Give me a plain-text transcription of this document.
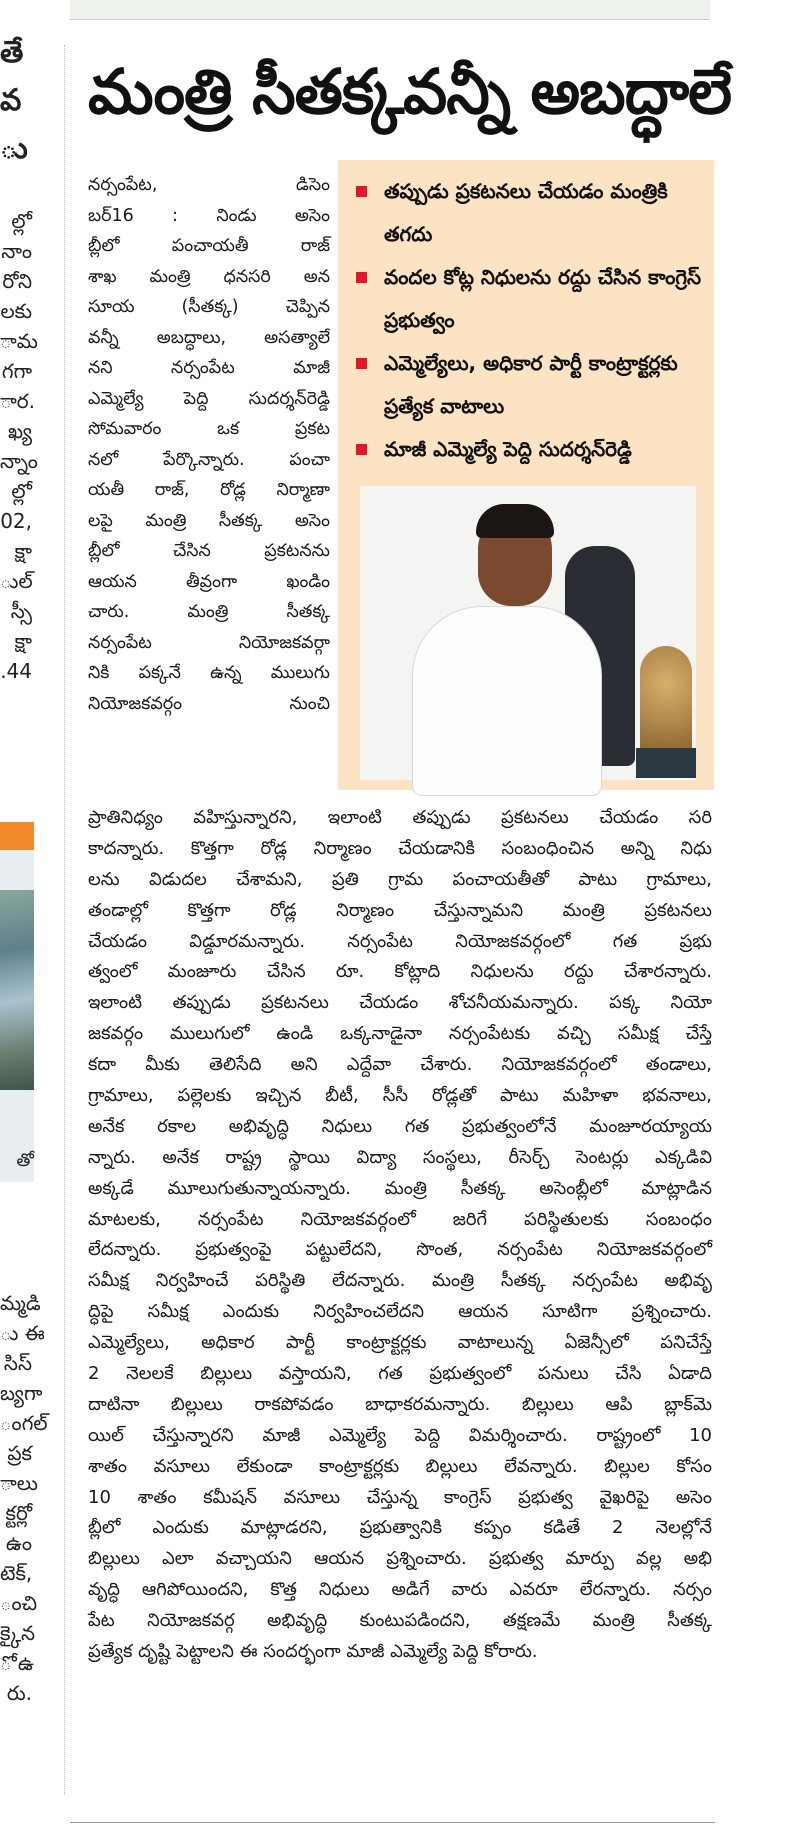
తే
వ
ు
ల్లో
నాం
రోని
లకు
ామ
గగా
ార.
ఖ్య
న్నాం
ల్లో
02,
క్షా
ుల్
స్సీ
క్షా
.44
మ్మడి
ు ఈ
సిస్
బ్యగా
ంగల్
ప్రక
ాలు
క్టర్లో
ఉం
టెక్,
ంచి
క్కైన
ో ఉ
రు.
తో
మంత్రి సీతక్కవన్నీ అబద్ధాలే
నర్సంపేట, డిసెం
బర్16 : నిండు అసెం
బ్లీలో పంచాయతీ రాజ్
శాఖ మంత్రి ధనసరి అన
సూయ (సీతక్క) చెప్పిన
వన్నీ అబద్ధాలు, అసత్యాలే
నని నర్సంపేట మాజీ
ఎమ్మెల్యే పెద్ది సుదర్శన్‌రెడ్డి
సోమవారం ఒక ప్రకట
నలో పేర్కొన్నారు. పంచా
యతీ రాజ్, రోడ్ల నిర్మాణా
లపై మంత్రి సీతక్క అసెం
బ్లీలో చేసిన ప్రకటనను
ఆయన తీవ్రంగా ఖండిం
చారు. మంత్రి సీతక్క
నర్సంపేట నియోజకవర్గా
నికి పక్కనే ఉన్న ములుగు
నియోజకవర్గం నుంచి
తప్పుడు ప్రకటనలు చేయడం మంత్రికి తగదు
వందల కోట్ల నిధులను రద్దు చేసిన కాంగ్రెస్ ప్రభుత్వం
ఎమ్మెల్యేలు, అధికార పార్టీ కాంట్రాక్టర్లకు ప్రత్యేక వాటాలు
మాజీ ఎమ్మెల్యే పెద్ది సుదర్శన్‌రెడ్డి
ప్రాతినిధ్యం వహిస్తున్నారని, ఇలాంటి తప్పుడు ప్రకటనలు చేయడం సరి
కాదన్నారు. కొత్తగా రోడ్ల నిర్మాణం చేయడానికి సంబంధించిన అన్ని నిధు
లను విడుదల చేశామని, ప్రతి గ్రామ పంచాయతీతో పాటు గ్రామాలు,
తండాల్లో కొత్తగా రోడ్ల నిర్మాణం చేస్తున్నామని మంత్రి ప్రకటనలు
చేయడం విడ్డూరమన్నారు. నర్సంపేట నియోజకవర్గంలో గత ప్రభు
త్వంలో మంజూరు చేసిన రూ. కోట్లాది నిధులను రద్దు చేశారన్నారు.
ఇలాంటి తప్పుడు ప్రకటనలు చేయడం శోచనీయమన్నారు. పక్క నియో
జకవర్గం ములుగులో ఉండి ఒక్కనాడైనా నర్సంపేటకు వచ్చి సమీక్ష చేస్తే
కదా మీకు తెలిసేది అని ఎద్దేవా చేశారు. నియోజకవర్గంలో తండాలు,
గ్రామాలు, పల్లెలకు ఇచ్చిన బీటీ, సీసీ రోడ్లతో పాటు మహిళా భవనాలు,
అనేక రకాల అభివృద్ధి నిధులు గత ప్రభుత్వంలోనే మంజూరయ్యాయ
న్నారు. అనేక రాష్ట్ర స్థాయి విద్యా సంస్థలు, రీసెర్చ్ సెంటర్లు ఎక్కడివి
అక్కడే మూలుగుతున్నాయన్నారు. మంత్రి సీతక్క అసెంబ్లీలో మాట్లాడిన
మాటలకు, నర్సంపేట నియోజకవర్గంలో జరిగే పరిస్థితులకు సంబంధం
లేదన్నారు. ప్రభుత్వంపై పట్టులేదని, సొంత, నర్సంపేట నియోజకవర్గంలో
సమీక్ష నిర్వహించే పరిస్థితి లేదన్నారు. మంత్రి సీతక్క నర్సంపేట అభివృ
ద్ధిపై సమీక్ష ఎందుకు నిర్వహించలేదని ఆయన సూటిగా ప్రశ్నించారు.
ఎమ్మెల్యేలు, అధికార పార్టీ కాంట్రాక్టర్లకు వాటాలున్న ఏజెన్సీలో పనిచేస్తే
2 నెలలకే బిల్లులు వస్తాయని, గత ప్రభుత్వంలో పనులు చేసి ఏడాది
దాటినా బిల్లులు రాకపోవడం బాధాకరమన్నారు. బిల్లులు ఆపి బ్లాక్‌మె
యిల్ చేస్తున్నారని మాజీ ఎమ్మెల్యే పెద్ది విమర్శించారు. రాష్ట్రంలో 10
శాతం వసూలు లేకుండా కాంట్రాక్టర్లకు బిల్లులు లేవన్నారు. బిల్లుల కోసం
10 శాతం కమీషన్ వసూలు చేస్తున్న కాంగ్రెస్ ప్రభుత్వ వైఖరిపై అసెం
బ్లీలో ఎందుకు మాట్లాడరని, ప్రభుత్వానికి కప్పం కడితే 2 నెలల్లోనే
బిల్లులు ఎలా వచ్చాయని ఆయన ప్రశ్నించారు. ప్రభుత్వ మార్పు వల్ల అభి
వృద్ధి ఆగిపోయిందని, కొత్త నిధులు అడిగే వారు ఎవరూ లేరన్నారు. నర్సం
పేట నియోజకవర్గ అభివృద్ధి కుంటుపడిందని, తక్షణమే మంత్రి సీతక్క
ప్రత్యేక దృష్టి పెట్టాలని ఈ సందర్భంగా మాజీ ఎమ్మెల్యే పెద్ది కోరారు.
